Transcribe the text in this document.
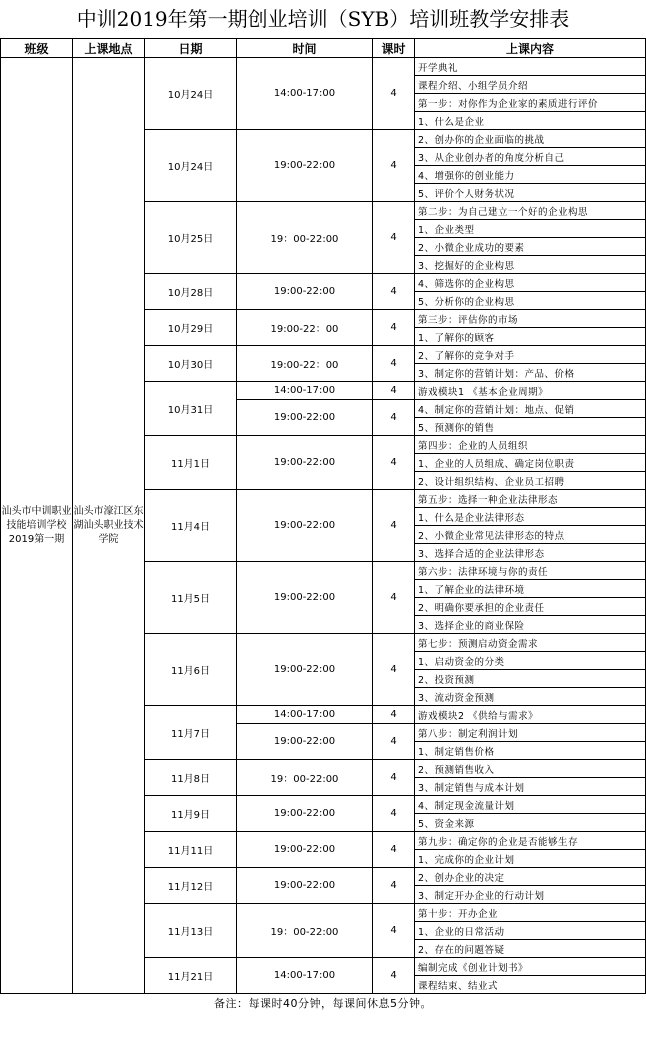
中训2019年第一期创业培训（SYB）培训班教学安排表
班级	上课地点	日期	时间	课时	上课内容
汕头市中训职业技能培训学校2019第一期	汕头市濠江区东湖汕头职业技术学院	10月24日	14:00-17:00	4	开学典礼
					课程介绍、小组学员介绍
					第一步：对你作为企业家的素质进行评价
					1、什么是企业
		10月24日	19:00-22:00	4	2、创办你的企业面临的挑战
					3、从企业创办者的角度分析自己
					4、增强你的创业能力
					5、评价个人财务状况
		10月25日	19：00-22:00	4	第二步：为自己建立一个好的企业构思
					1、企业类型
					2、小微企业成功的要素
					3、挖掘好的企业构思
		10月28日	19:00-22:00	4	4、筛选你的企业构思
					5、分析你的企业构思
		10月29日	19:00-22：00	4	第三步：评估你的市场
					1、了解你的顾客
		10月30日	19:00-22：00	4	2、了解你的竞争对手
					3、制定你的营销计划：产品、价格
		10月31日	14:00-17:00	4	游戏模块1 《基本企业周期》
			19:00-22:00	4	4、制定你的营销计划：地点、促销
					5、预测你的销售
		11月1日	19:00-22:00	4	第四步：企业的人员组织
					1、企业的人员组成、确定岗位职责
					2、设计组织结构、企业员工招聘
		11月4日	19:00-22:00	4	第五步：选择一种企业法律形态
					1、什么是企业法律形态
					2、小微企业常见法律形态的特点
					3、选择合适的企业法律形态
		11月5日	19:00-22:00	4	第六步：法律环境与你的责任
					1、了解企业的法律环境
					2、明确你要承担的企业责任
					3、选择企业的商业保险
		11月6日	19:00-22:00	4	第七步：预测启动资金需求
					1、启动资金的分类
					2、投资预测
					3、流动资金预测
		11月7日	14:00-17:00	4	游戏模块2 《供给与需求》
			19:00-22:00	4	第八步：制定利润计划
					1、制定销售价格
		11月8日	19：00-22:00	4	2、预测销售收入
					3、制定销售与成本计划
		11月9日	19:00-22:00	4	4、制定现金流量计划
					5、资金来源
		11月11日	19:00-22:00	4	第九步：确定你的企业是否能够生存
					1、完成你的企业计划
		11月12日	19:00-22:00	4	2、创办企业的决定
					3、制定开办企业的行动计划
		11月13日	19：00-22:00	4	第十步：开办企业
					1、企业的日常活动
					2、存在的问题答疑
		11月21日	14:00-17:00	4	编制完成《创业计划书》
					课程结束、结业式
备注：每课时40分钟，每课间休息5分钟。
